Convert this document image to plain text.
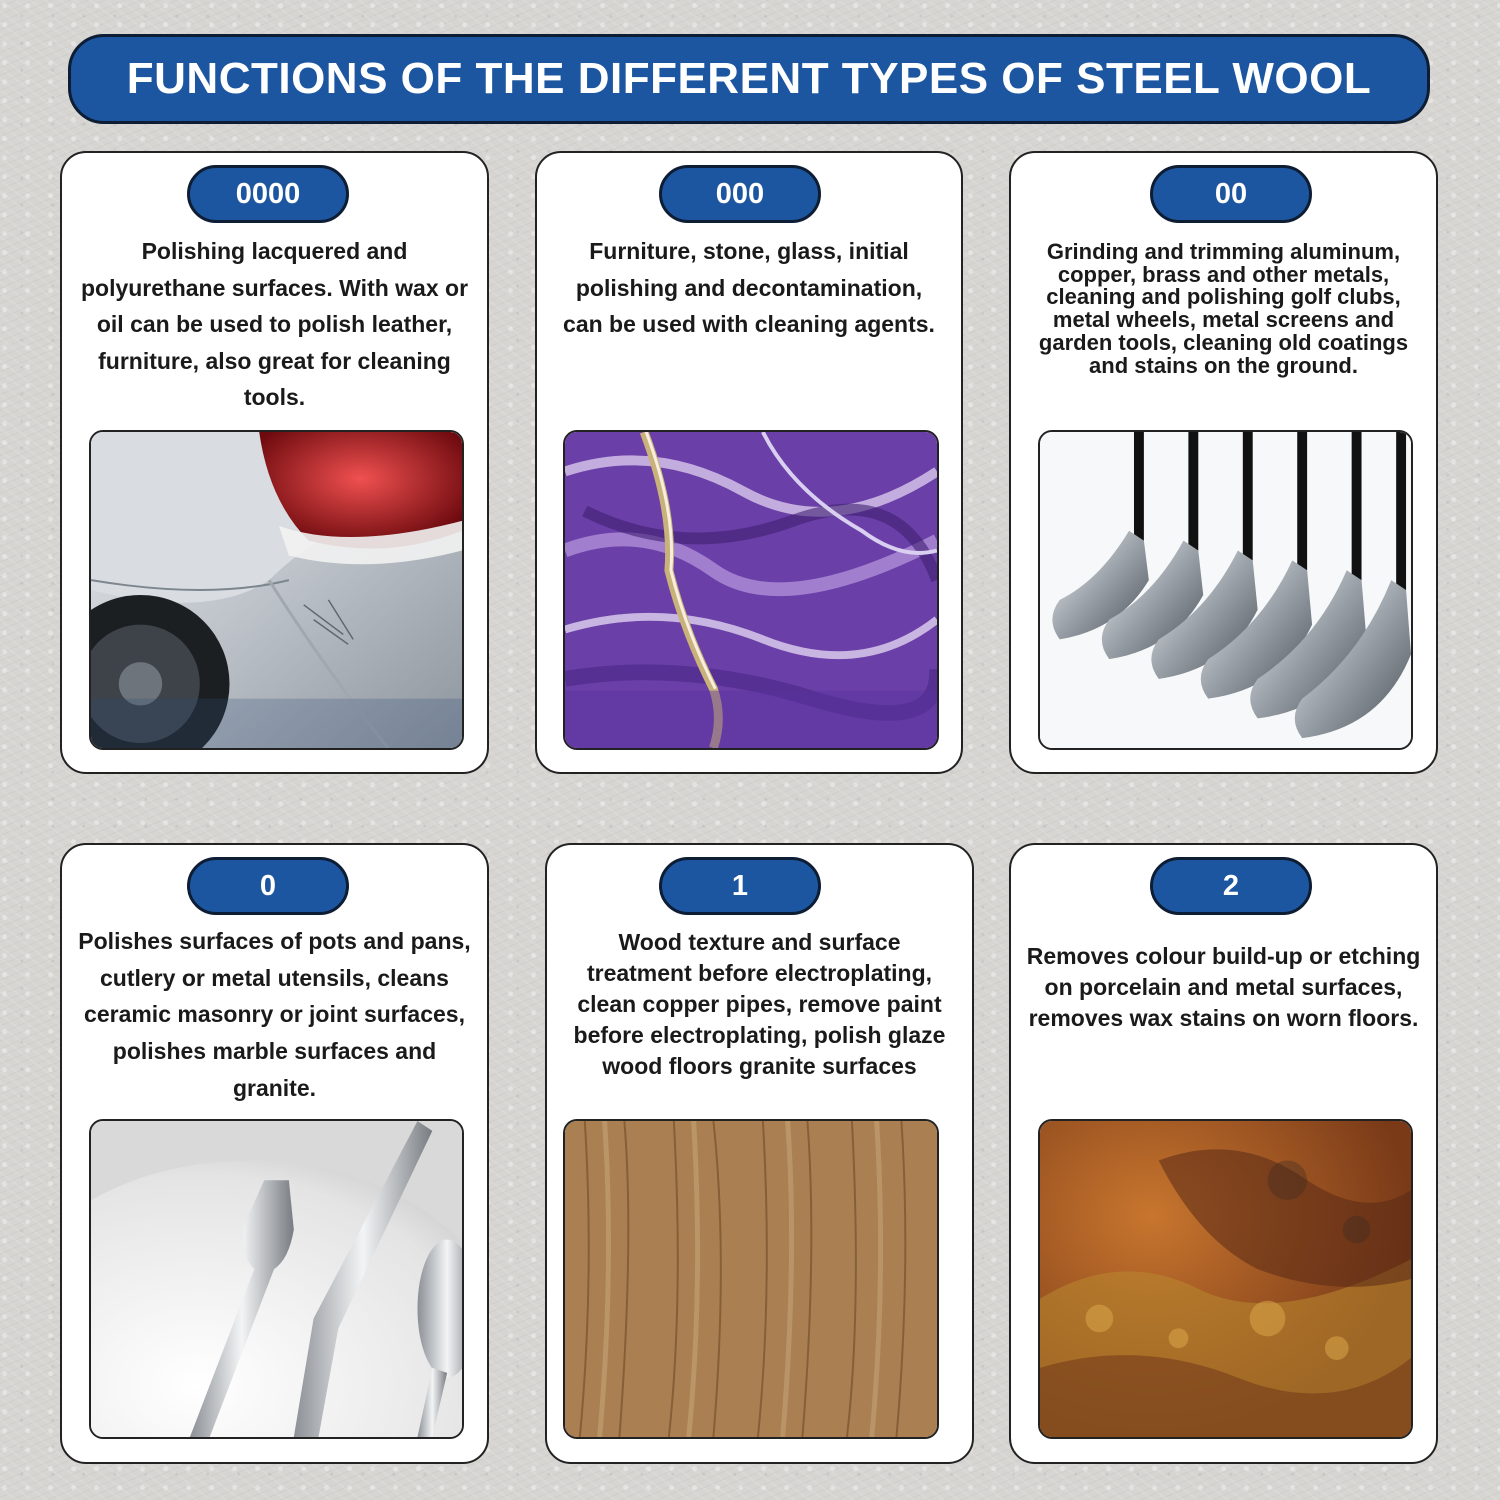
FUNCTIONS OF THE DIFFERENT TYPES OF STEEL WOOL
0000
Polishing lacquered and polyurethane surfaces. With wax or oil can be used to polish leather, furniture, also great for cleaning tools.
000
Furniture, stone, glass, initial polishing and decontamination, can be used with cleaning agents.
00
Grinding and trimming aluminum, copper, brass and other metals, cleaning and polishing golf clubs, metal wheels, metal screens and garden tools, cleaning old coatings and stains on the ground.
0
Polishes surfaces of pots and pans, cutlery or metal utensils, cleans ceramic masonry or joint surfaces, polishes marble surfaces and granite.
1
Wood texture and surface treatment before electroplating, clean copper pipes, remove paint before electroplating, polish glaze wood floors granite surfaces
2
Removes colour build-up or etching on porcelain and metal surfaces, removes wax stains on worn floors.
